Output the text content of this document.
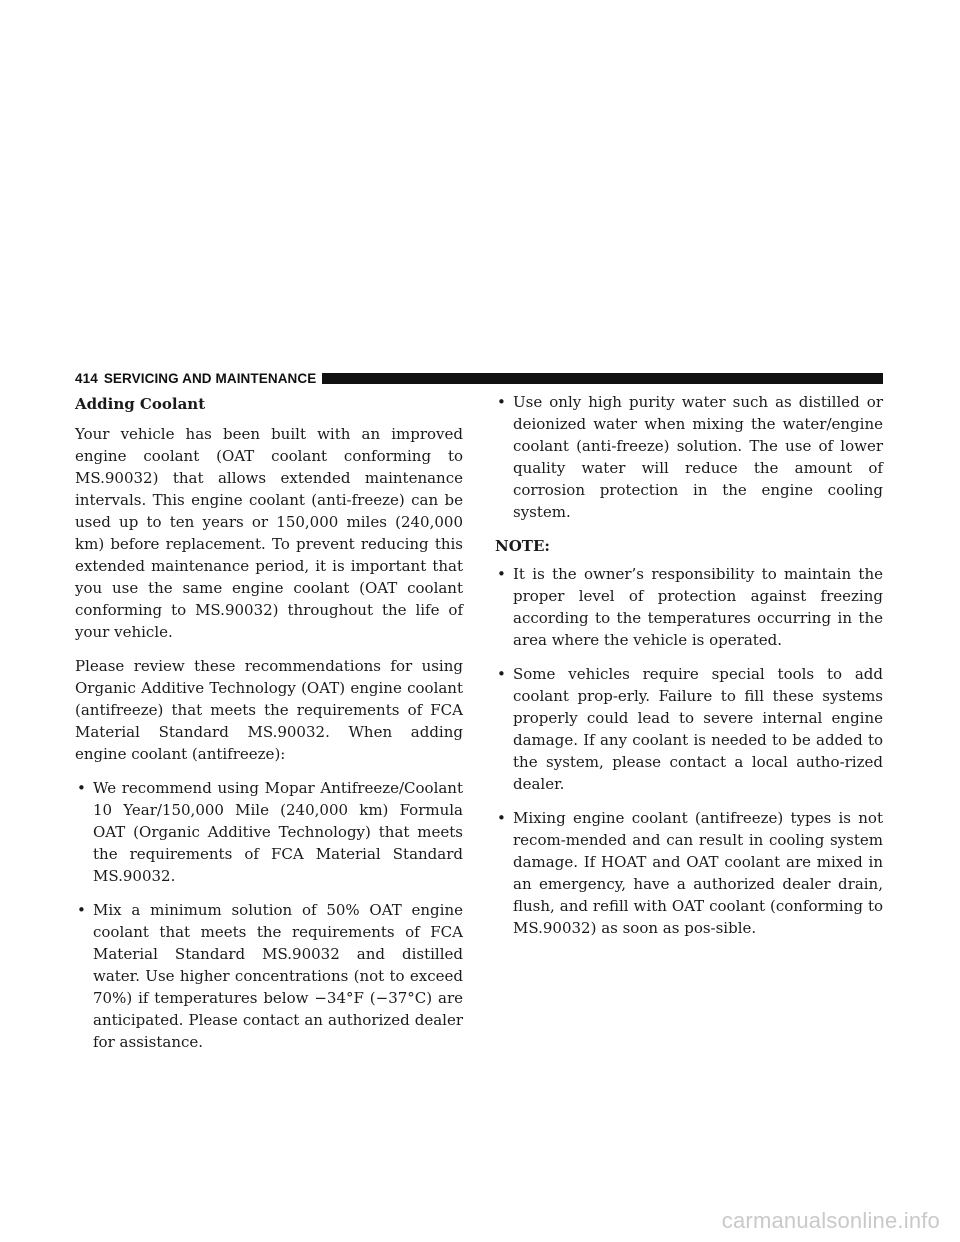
414 SERVICING AND MAINTENANCE
Adding Coolant

Your vehicle has been built with an improved engine coolant (OAT coolant conforming to MS.90032) that allows extended maintenance intervals. This engine coolant (anti-freeze) can be used up to ten years or 150,000 miles (240,000 km) before replacement. To prevent reducing this extended maintenance period, it is important that you use the same engine coolant (OAT coolant conforming to MS.90032) throughout the life of your vehicle.

Please review these recommendations for using Organic Additive Technology (OAT) engine coolant (antifreeze) that meets the requirements of FCA Material Standard MS.90032. When adding engine coolant (antifreeze):

• We recommend using Mopar Antifreeze/Coolant 10 Year/150,000 Mile (240,000 km) Formula OAT (Organic Additive Technology) that meets the requirements of FCA Material Standard MS.90032.
• Mix a minimum solution of 50% OAT engine coolant that meets the requirements of FCA Material Standard MS.90032 and distilled water. Use higher concentrations (not to exceed 70%) if temperatures below −34°F (−37°C) are anticipated. Please contact an authorized dealer for assistance.
• Use only high purity water such as distilled or deionized water when mixing the water/engine coolant (anti-freeze) solution. The use of lower quality water will reduce the amount of corrosion protection in the engine cooling system.
NOTE:
• It is the owner’s responsibility to maintain the proper level of protection against freezing according to the temperatures occurring in the area where the vehicle is operated.
• Some vehicles require special tools to add coolant prop-erly. Failure to fill these systems properly could lead to severe internal engine damage. If any coolant is needed to be added to the system, please contact a local autho-rized dealer.
• Mixing engine coolant (antifreeze) types is not recom-mended and can result in cooling system damage. If HOAT and OAT coolant are mixed in an emergency, have a authorized dealer drain, flush, and refill with OAT coolant (conforming to MS.90032) as soon as pos-sible.
carmanualsonline.info
